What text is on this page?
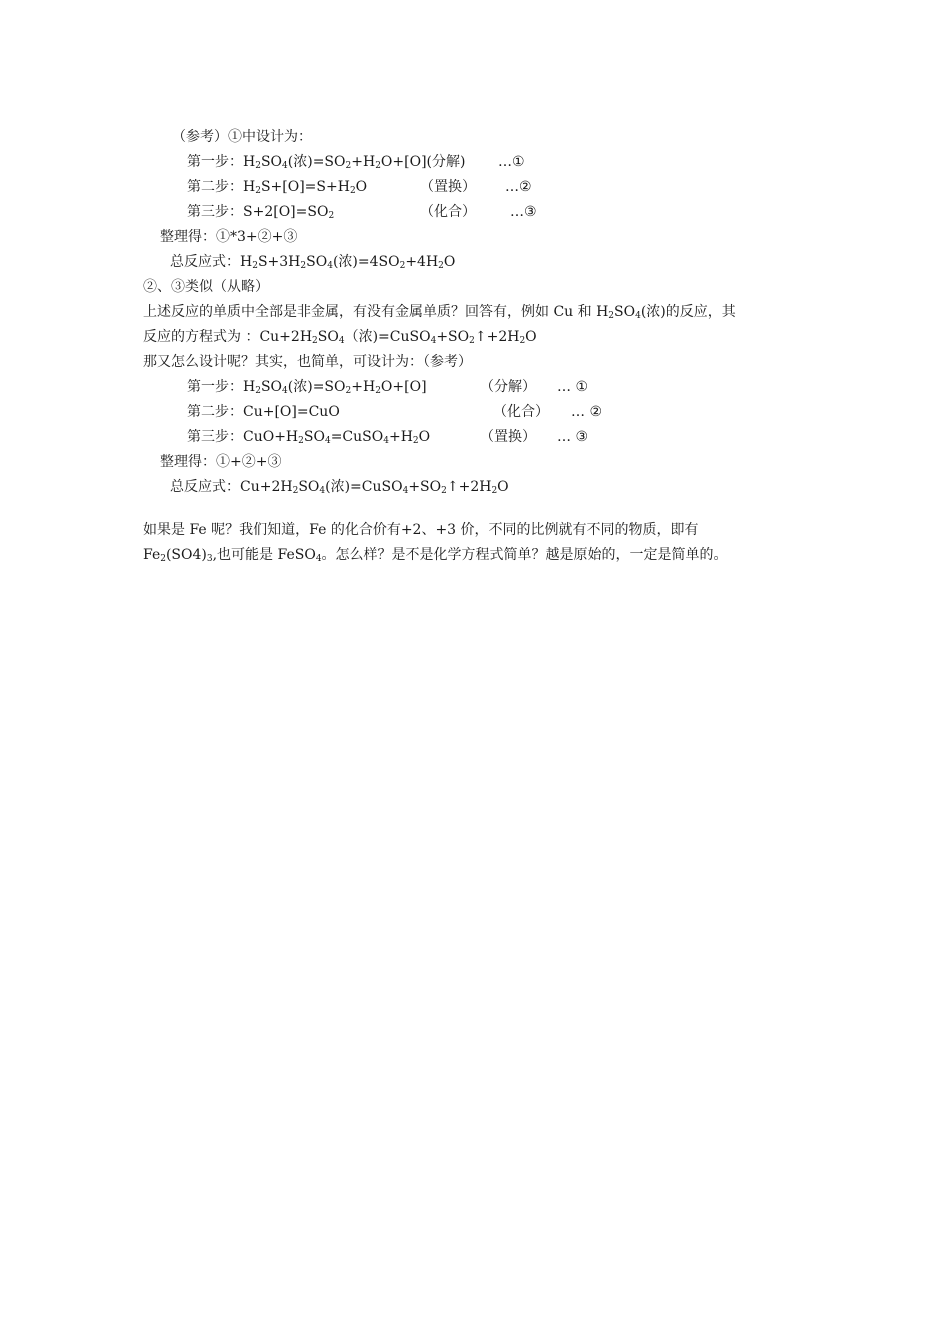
（参考）①中设计为：
第一步：$H_2SO_4$(浓)$=SO_2+H_2O+[O]$(分解) …①
第二步：$H_2S+[O]=S+H_2O$	（置换） …②
第三步：$S+2[O]=SO_2$	（化合） …③
整理得：①*3+②+③
总反应式：$H_2S+3H_2SO_4$(浓)$=4SO_2+4H_2O$
②、③类似（从略）
上述反应的单质中全部是非金属，有没有金属单质？回答有，例如 Cu 和 $H_2SO_4$(浓)的反应，其
反应的方程式为 ：$Cu+2H_2SO_4$（浓)$=CuSO_4+SO_2↑+2H_2O$
那又怎么设计呢？其实，也简单，可设计为：（参考）
第一步：$H_2SO_4$(浓)$=SO_2+H_2O+[O]$	（分解） … ①
第二步：Cu+[O]=CuO	（化合） … ②
第三步：$CuO+H_2SO_4=CuSO_4+H_2O$	（置换） … ③
整理得：①+②+③
总反应式：$Cu+2H_2SO_4$(浓)$=CuSO_4+SO_2↑+2H_2O$
如果是 Fe 呢？我们知道，Fe 的化合价有+2、+3 价，不同的比例就有不同的物质，即有
$Fe_2(SO4)_3$,也可能是 FeSO$_4$。怎么样？是不是化学方程式简单？越是原始的，一定是简单的。
